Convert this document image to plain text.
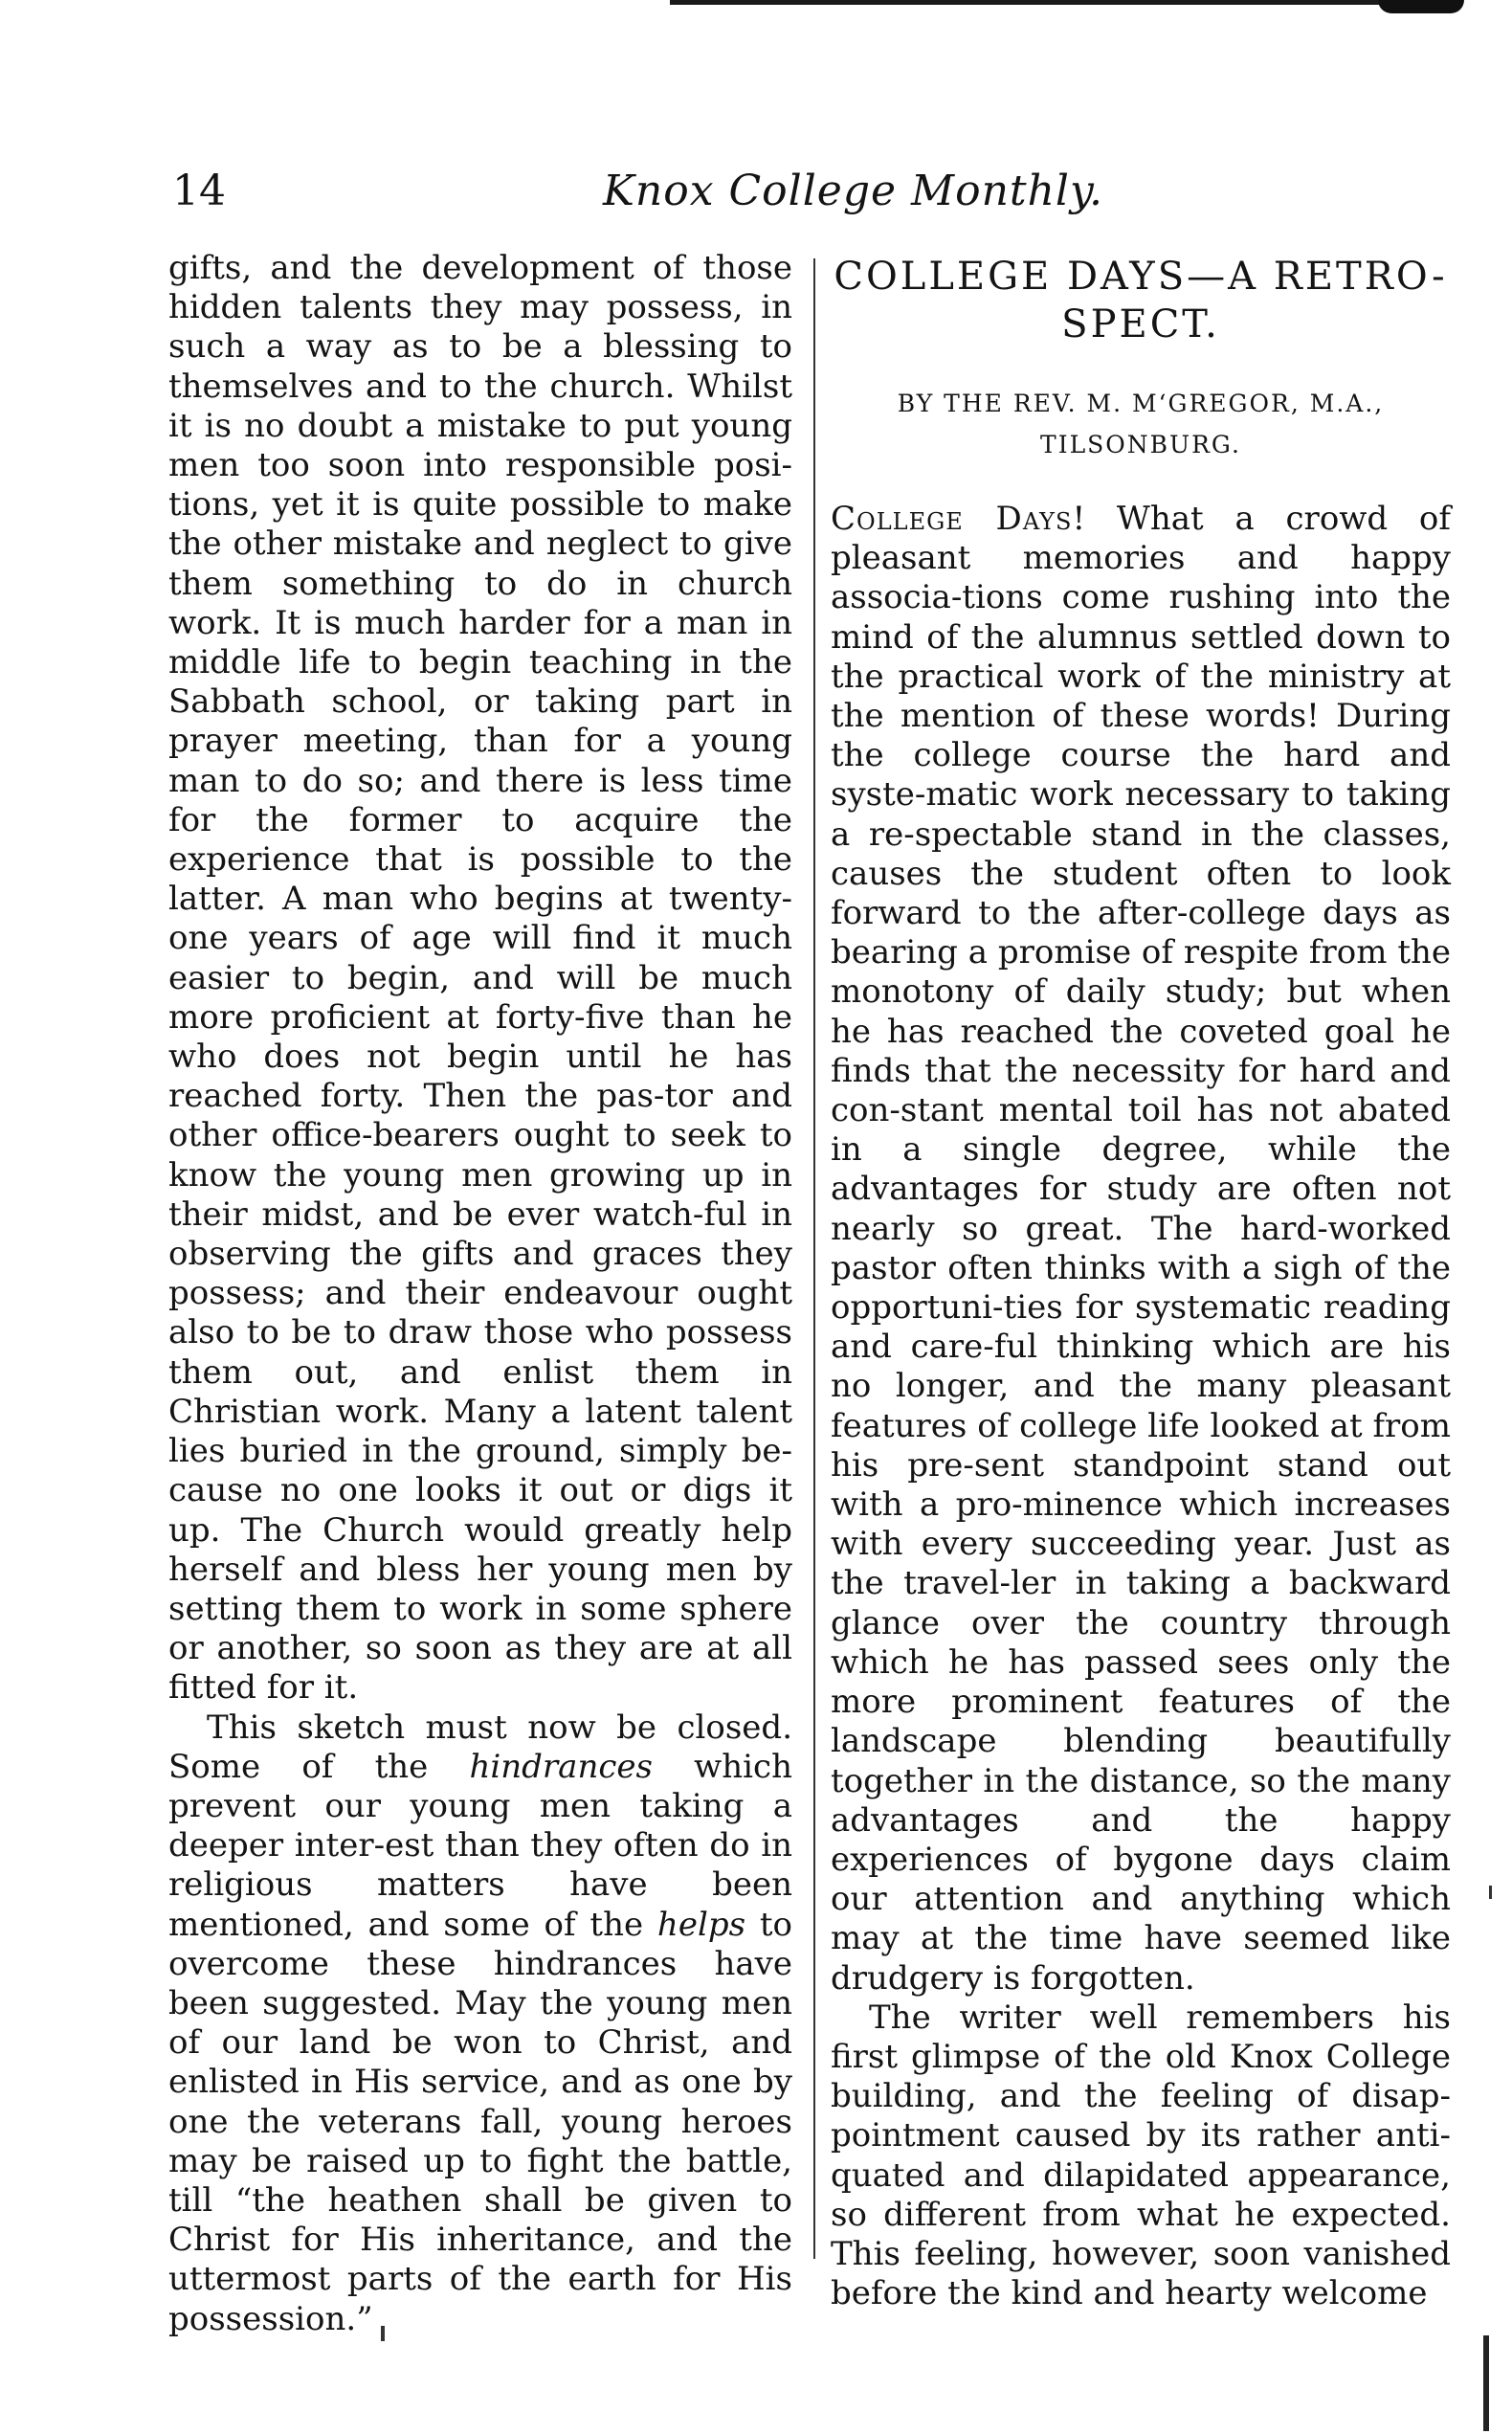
14	Knox College Monthly.

gifts, and the development of those hidden talents they may possess, in such a way as to be a blessing to themselves and to the church. Whilst it is no doubt a mistake to put young men too soon into responsible posi-tions, yet it is quite possible to make the other mistake and neglect to give them something to do in church work. It is much harder for a man in middle life to begin teaching in the Sabbath school, or taking part in prayer meeting, than for a young man to do so; and there is less time for the former to acquire the experience that is possible to the latter. A man who begins at twenty-one years of age will find it much easier to begin, and will be much more proficient at forty-five than he who does not begin until he has reached forty. Then the pas-tor and other office-bearers ought to seek to know the young men growing up in their midst, and be ever watch-ful in observing the gifts and graces they possess; and their endeavour ought also to be to draw those who possess them out, and enlist them in Christian work. Many a latent talent lies buried in the ground, simply be-cause no one looks it out or digs it up. The Church would greatly help herself and bless her young men by setting them to work in some sphere or another, so soon as they are at all fitted for it.

This sketch must now be closed. Some of the hindrances which prevent our young men taking a deeper inter-est than they often do in religious matters have been mentioned, and some of the helps to overcome these hindrances have been suggested. May the young men of our land be won to Christ, and enlisted in His service, and as one by one the veterans fall, young heroes may be raised up to fight the battle, till “the heathen shall be given to Christ for His inheritance, and the uttermost parts of the earth for His possession.”

COLLEGE DAYS—A RETRO-SPECT.
BY THE REV. M. M‘GREGOR, M.A.,
TILSONBURG.

College Days! What a crowd of pleasant memories and happy associa-tions come rushing into the mind of the alumnus settled down to the practical work of the ministry at the mention of these words! During the college course the hard and syste-matic work necessary to taking a re-spectable stand in the classes, causes the student often to look forward to the after-college days as bearing a promise of respite from the monotony of daily study; but when he has reached the coveted goal he finds that the necessity for hard and con-stant mental toil has not abated in a single degree, while the advantages for study are often not nearly so great. The hard-worked pastor often thinks with a sigh of the opportuni-ties for systematic reading and care-ful thinking which are his no longer, and the many pleasant features of college life looked at from his pre-sent standpoint stand out with a pro-minence which increases with every succeeding year. Just as the travel-ler in taking a backward glance over the country through which he has passed sees only the more prominent features of the landscape blending beautifully together in the distance, so the many advantages and the happy experiences of bygone days claim our attention and anything which may at the time have seemed like drudgery is forgotten.

The writer well remembers his first glimpse of the old Knox College building, and the feeling of disap-pointment caused by its rather anti-quated and dilapidated appearance, so different from what he expected. This feeling, however, soon vanished before the kind and hearty welcome
